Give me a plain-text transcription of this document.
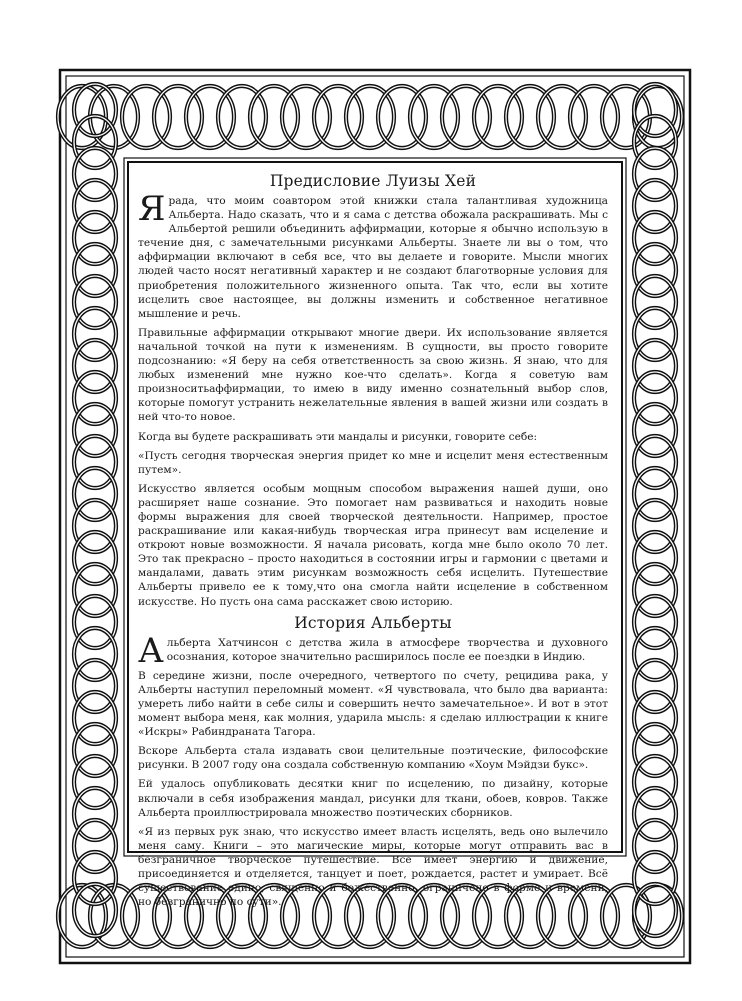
Предисловие Луизы Хей

Я рада, что моим соавтором этой книжки стала талантливая художница Альберта. Надо сказать, что и я сама с детства обожала раскрашивать. Мы с Альбертой решили объединить аффирмации, которые я обычно использую в течение дня, с замечательными рисунками Альберты. Знаете ли вы о том, что аффирмации включают в себя все, что вы делаете и говорите. Мысли многих людей часто носят негативный характер и не создают благотворные условия для приобретения положительного жизненного опыта. Так что, если вы хотите исцелить свое настоящее, вы должны изменить и собственное негативное мышление и речь.

Правильные аффирмации открывают многие двери. Их использование является начальной точкой на пути к изменениям. В сущности, вы просто говорите подсознанию: «Я беру на себя ответственность за свою жизнь. Я знаю, что для любых изменений мне нужно кое-что сделать». Когда я советую вам произноситьаффирмации, то имею в виду именно сознательный выбор слов, которые помогут устранить нежелательные явления в вашей жизни или создать в ней что-то новое.

Когда вы будете раскрашивать эти мандалы и рисунки, говорите себе:

«Пусть сегодня творческая энергия придет ко мне и исцелит меня естественным путем».

Искусство является особым мощным способом выражения нашей души, оно расширяет наше сознание. Это помогает нам развиваться и находить новые формы выражения для своей творческой деятельности. Например, простое раскрашивание или какая-нибудь творческая игра принесут вам исцеление и откроют новые возможности. Я начала рисовать, когда мне было около 70 лет. Это так прекрасно – просто находиться в состоянии игры и гармонии с цветами и мандалами, давать этим рисункам возможность себя исцелить. Путешествие Альберты привело ее к тому,что она смогла найти исцеление в собственном искусстве. Но пусть она сама расскажет свою историю.

История Альберты

Альберта Хатчинсон с детства жила в атмосфере творчества и духовного осознания, которое значительно расширилось после ее поездки в Индию.

В середине жизни, после очередного, четвертого по счету, рецидива рака, у Альберты наступил переломный момент. «Я чувствовала, что было два варианта: умереть либо найти в себе силы и совершить нечто замечательное». И вот в этот момент выбора меня, как молния, ударила мысль: я сделаю иллюстрации к книге «Искры» Рабиндраната Тагора.

Вскоре Альберта стала издавать свои целительные поэтические, философские рисунки. В 2007 году она создала собственную компанию «Хоум Мэйдзи букс».

Ей удалось опубликовать десятки книг по исцелению, по дизайну, которые включали в себя изображения мандал, рисунки для ткани, обоев, ковров. Также Альберта проиллюстрировала множество поэтических сборников.

«Я из первых рук знаю, что искусство имеет власть исцелять, ведь оно вылечило меня саму. Книги – это магические миры, которые могут отправить вас в безграничное творческое путешествие. Все имеет энергию и движение, присоединяется и отделяется, танцует и поет, рождается, растет и умирает. Всё существование едино, священно и божественно, ограничено в форме и времени, но безгранично по сути».
